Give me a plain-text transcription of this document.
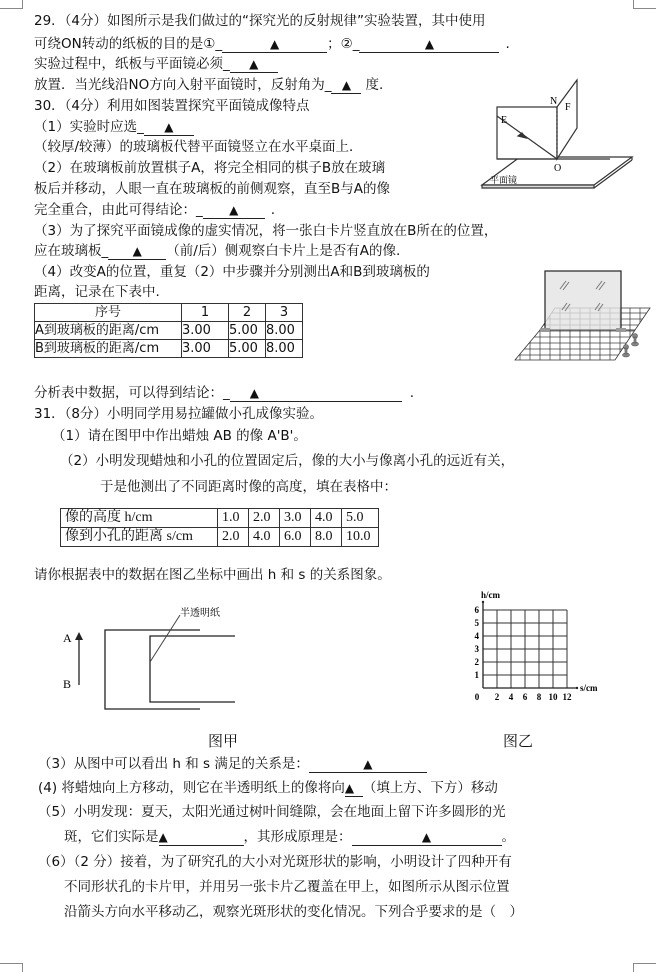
29．（4分）如图所示是我们做过的“探究光的反射规律”实验装置，其中使用
可绕ON转动的纸板的目的是①_	▲	；②_	▲	.
实验过程中，纸板与平面镜必须_ ▲
放置．当光线沿NO方向入射平面镜时，反射角为_ ▲ 度.
E
N
F
O
平面镜
30．（4分）利用如图装置探究平面镜成像特点
（1）实验时应选_ ▲
（较厚/较薄）的玻璃板代替平面镜竖立在水平桌面上．
（2）在玻璃板前放置棋子A，将完全相同的棋子B放在玻璃
板后并移动，人眼一直在玻璃板的前侧观察，直至B与A的像
完全重合，由此可得结论：_ ▲ .
（3）为了探究平面镜成像的虚实情况，将一张白卡片竖直放在B所在的位置，
应在玻璃板_ ▲ （前/后）侧观察白卡片上是否有A的像.
（4）改变A的位置，重复（2）中步骤并分别测出A和B到玻璃板的
距离，记录在下表中.
序号	1	2	3
A到玻璃板的距离/cm	3.00	5.00	8.00
B到玻璃板的距离/cm	3.00	5.00	8.00
分析表中数据，可以得到结论：_ ▲	.
31．（8分）小明同学用易拉罐做小孔成像实验。
（1）请在图甲中作出蜡烛 AB 的像 A'B'。
（2）小明发现蜡烛和小孔的位置固定后，像的大小与像离小孔的远近有关，
于是他测出了不同距离时像的高度，填在表格中：
像的高度 h/cm	1.0	2.0	3.0	4.0	5.0
像到小孔的距离 s/cm	2.0	4.0	6.0	8.0	10.0
请你根据表中的数据在图乙坐标中画出 h 和 s 的关系图象。
A
B
半透明纸
0 2 4 6 8 10 12
1
2
3
4
5
6
s/cm
h/cm
图甲	图乙
（3）从图中可以看出 h 和 s 满足的关系是：	▲
(4) 将蜡烛向上方移动，则它在半透明纸上的像将向▲ （填上方、下方）移动
（5）小明发现：夏天，太阳光通过树叶间缝隙，会在地面上留下许多圆形的光
斑，它们实际是▲	，其形成原理是：	▲	。
（6）（2 分）接着，为了研究孔的大小对光斑形状的影响，小明设计了四种开有
不同形状孔的卡片甲，并用另一张卡片乙覆盖在甲上，如图所示从图示位置
沿箭头方向水平移动乙，观察光斑形状的变化情况。下列合乎要求的是（　）
